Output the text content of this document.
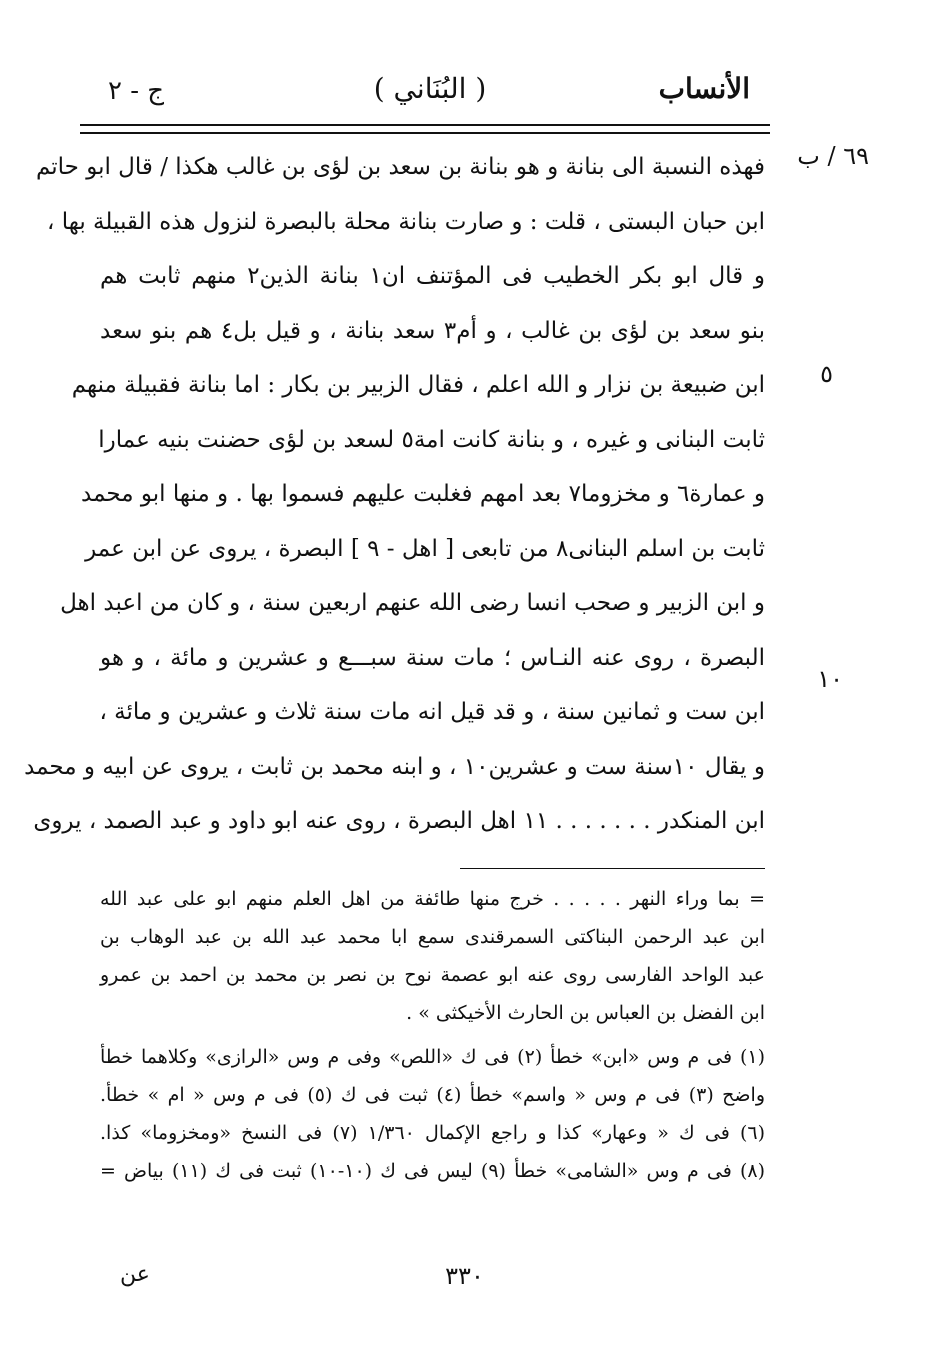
الأنساب
( البُنَاني )
ج - ٢
٦٩ / ب
٥
١٠
فهذه النسبة الى بنانة و هو بنانة بن سعد بن لؤى بن غالب هكذا / قال ابو حاتم
ابن حبان البستى ، قلت : و صارت بنانة محلة بالبصرة لنزول هذه القبيلة بها ،
و قال ابو بكر الخطيب فى المؤتنف ان١ بنانة الذين٢ منهم ثابت هم
بنو سعد بن لؤى بن غالب ، و أم٣ سعد بنانة ، و قيل بل٤ هم بنو سعد
ابن ضبيعة بن نزار و الله اعلم ، فقال الزبير بن بكار : اما بنانة فقبيلة منهم
ثابت البنانى و غيره ، و بنانة كانت امة٥ لسعد بن لؤى حضنت بنيه عمارا
و عمارة٦ و مخزوما٧ بعد امهم فغلبت عليهم فسموا بها . و منها ابو محمد
ثابت بن اسلم البنانى٨ من تابعى [ اهل - ٩ ] البصرة ، يروى عن ابن عمر
و ابن الزبير و صحب انسا رضى الله عنهم اربعين سنة ، و كان من اعبد اهل
البصرة ، روى عنه النـاس ؛ مات سنة سبـــع و عشرين و مائة ، و هو
ابن ست و ثمانين سنة ، و قد قيل انه مات سنة ثلاث و عشرين و مائة ،
و يقال ١٠سنة ست و عشرين١٠ ، و ابنه محمد بن ثابت ، يروى عن ابيه و محمد
ابن المنكدر . . . . . . . ١١ اهل البصرة ، روى عنه ابو داود و عبد الصمد ، يروى
= بما وراء النهر . . . . . خرج منها طائفة من اهل العلم منهم ابو على عبد الله
ابن عبد الرحمن البناكتى السمرقندى سمع ابا محمد عبد الله بن عبد الوهاب بن
عبد الواحد الفارسى روى عنه ابو عصمة نوح بن نصر بن محمد بن احمد بن عمرو
ابن الفضل بن العباس بن الحارث الأخيكثى » .
(١) فى م وس «ابن» خطأ (٢) فى ك «اللص» وفى م وس «الرازى» وكلاهما خطأ
واضح (٣) فى م وس « واسم» خطأ (٤) ثبت فى ك (٥) فى م وس « ام » خطأ.
(٦) فى ك « وعهار» كذا و راجع الإكمال ١/٣٦٠ (٧) فى النسخ «ومخزوما» كذا.
(٨) فى م وس «الشامى» خطأ (٩) ليس فى ك (١٠-١٠) ثبت فى ك (١١) بياض =
٣٣٠
عن
